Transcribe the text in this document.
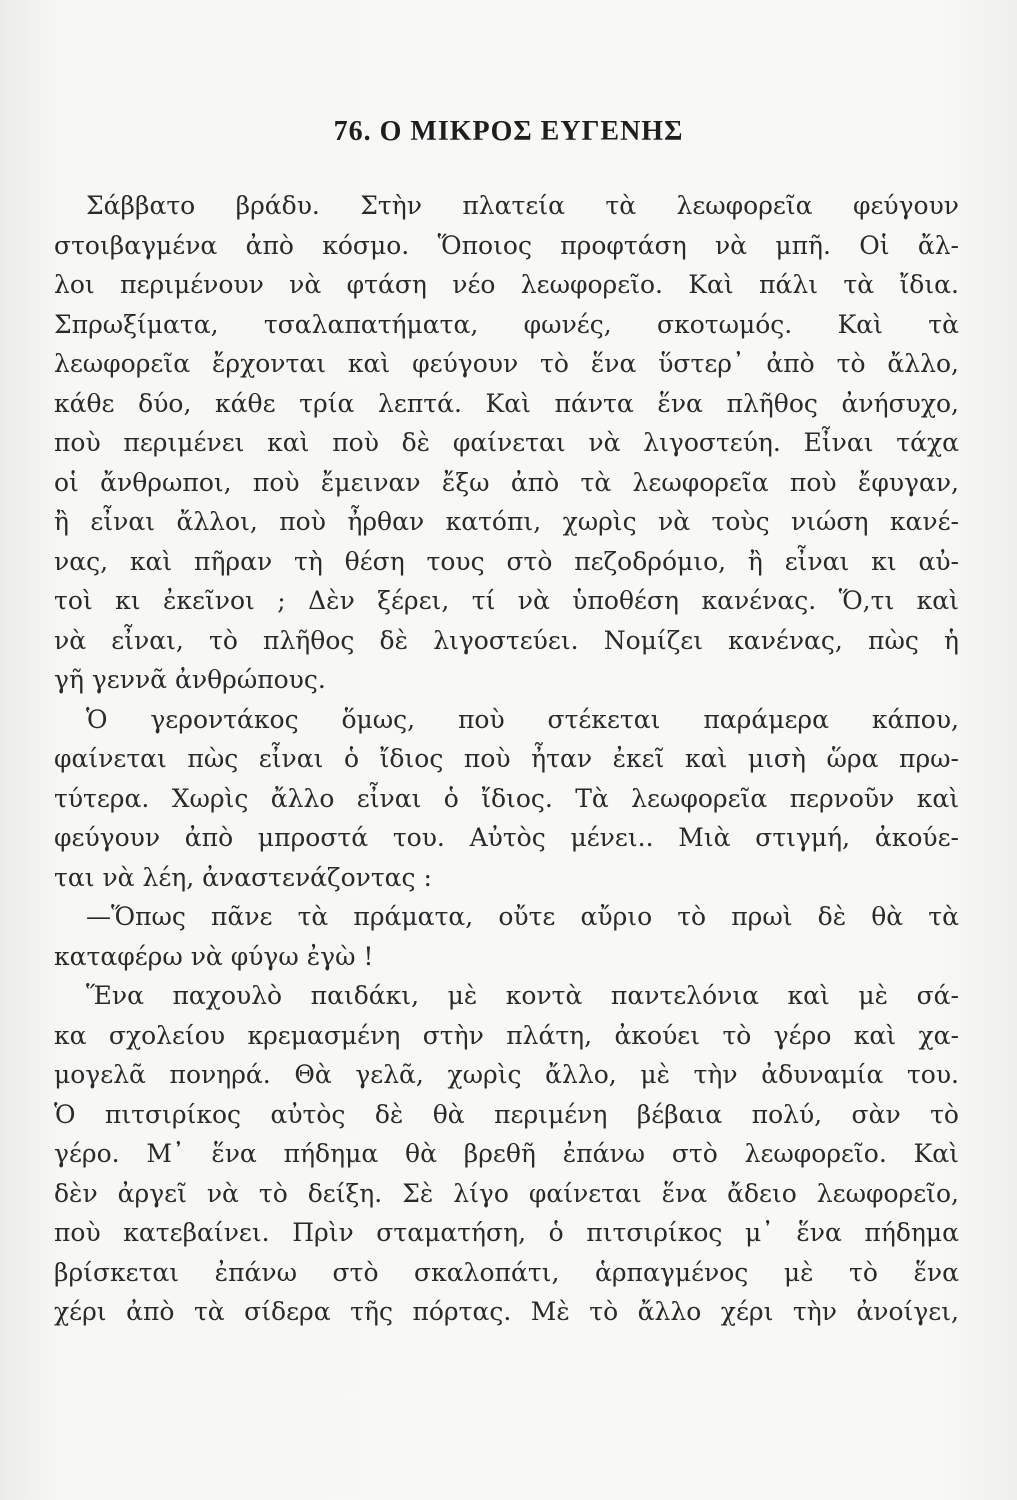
76. Ο ΜΙΚΡΟΣ ΕΥΓΕΝΗΣ
Σάββατο βράδυ. Στὴν πλατεία τὰ λεωφορεῖα φεύγουν
στοιβαγμένα ἀπὸ κόσμο. Ὅποιος προφτάση νὰ μπῆ. Οἱ ἄλ-
λοι περιμένουν νὰ φτάση νέο λεωφορεῖο. Καὶ πάλι τὰ ἴδια.
Σπρωξίματα, τσαλαπατήματα, φωνές, σκοτωμός. Καὶ τὰ
λεωφορεῖα ἔρχονται καὶ φεύγουν τὸ ἕνα ὕστερ᾽ ἀπὸ τὸ ἄλλο,
κάθε δύο, κάθε τρία λεπτά. Καὶ πάντα ἕνα πλῆθος ἀνήσυχο,
ποὺ περιμένει καὶ ποὺ δὲ φαίνεται νὰ λιγοστεύη. Εἶναι τάχα
οἱ ἄνθρωποι, ποὺ ἔμειναν ἔξω ἀπὸ τὰ λεωφορεῖα ποὺ ἔφυγαν,
ἢ εἶναι ἄλλοι, ποὺ ἦρθαν κατόπι, χωρὶς νὰ τοὺς νιώση κανέ-
νας, καὶ πῆραν τὴ θέση τους στὸ πεζοδρόμιο, ἢ εἶναι κι αὐ-
τοὶ κι ἐκεῖνοι ; Δὲν ξέρει, τί νὰ ὑποθέση κανένας. Ὅ,τι καὶ
νὰ εἶναι, τὸ πλῆθος δὲ λιγοστεύει. Νομίζει κανένας, πὼς ἡ
γῆ γεννᾶ ἀνθρώπους.
Ὁ γεροντάκος ὅμως, ποὺ στέκεται παράμερα κάπου,
φαίνεται πὼς εἶναι ὁ ἴδιος ποὺ ἦταν ἐκεῖ καὶ μισὴ ὥρα πρω-
τύτερα. Χωρὶς ἄλλο εἶναι ὁ ἴδιος. Τὰ λεωφορεῖα περνοῦν καὶ
φεύγουν ἀπὸ μπροστά του. Αὐτὸς μένει.. Μιὰ στιγμή, ἀκούε-
ται νὰ λέη, ἀναστενάζοντας :
—Ὅπως πᾶνε τὰ πράματα, οὔτε αὔριο τὸ πρωὶ δὲ θὰ τὰ
καταφέρω νὰ φύγω ἐγὼ !
Ἕνα παχουλὸ παιδάκι, μὲ κοντὰ παντελόνια καὶ μὲ σά-
κα σχολείου κρεμασμένη στὴν πλάτη, ἀκούει τὸ γέρο καὶ χα-
μογελᾶ πονηρά. Θὰ γελᾶ, χωρὶς ἄλλο, μὲ τὴν ἀδυναμία του.
Ὁ πιτσιρίκος αὐτὸς δὲ θὰ περιμένη βέβαια πολύ, σὰν τὸ
γέρο. Μ᾽ ἕνα πήδημα θὰ βρεθῆ ἐπάνω στὸ λεωφορεῖο. Καὶ
δὲν ἀργεῖ νὰ τὸ δείξη. Σὲ λίγο φαίνεται ἕνα ἄδειο λεωφορεῖο,
ποὺ κατεβαίνει. Πρὶν σταματήση, ὁ πιτσιρίκος μ᾽ ἕνα πήδημα
βρίσκεται ἐπάνω στὸ σκαλοπάτι, ἁρπαγμένος μὲ τὸ ἕνα
χέρι ἀπὸ τὰ σίδερα τῆς πόρτας. Μὲ τὸ ἄλλο χέρι τὴν ἀνοίγει,
